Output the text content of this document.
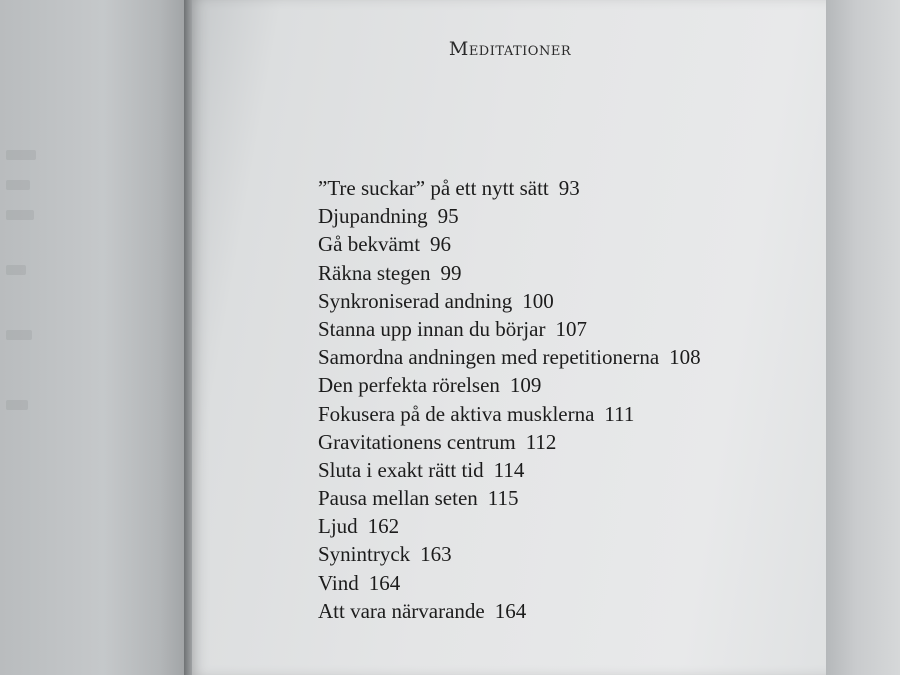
Meditationer
”Tre suckar” på ett nytt sätt 93
Djupandning 95
Gå bekvämt 96
Räkna stegen 99
Synkroniserad andning 100
Stanna upp innan du börjar 107
Samordna andningen med repetitionerna 108
Den perfekta rörelsen 109
Fokusera på de aktiva musklerna 111
Gravitationens centrum 112
Sluta i exakt rätt tid 114
Pausa mellan seten 115
Ljud 162
Synintryck 163
Vind 164
Att vara närvarande 164
